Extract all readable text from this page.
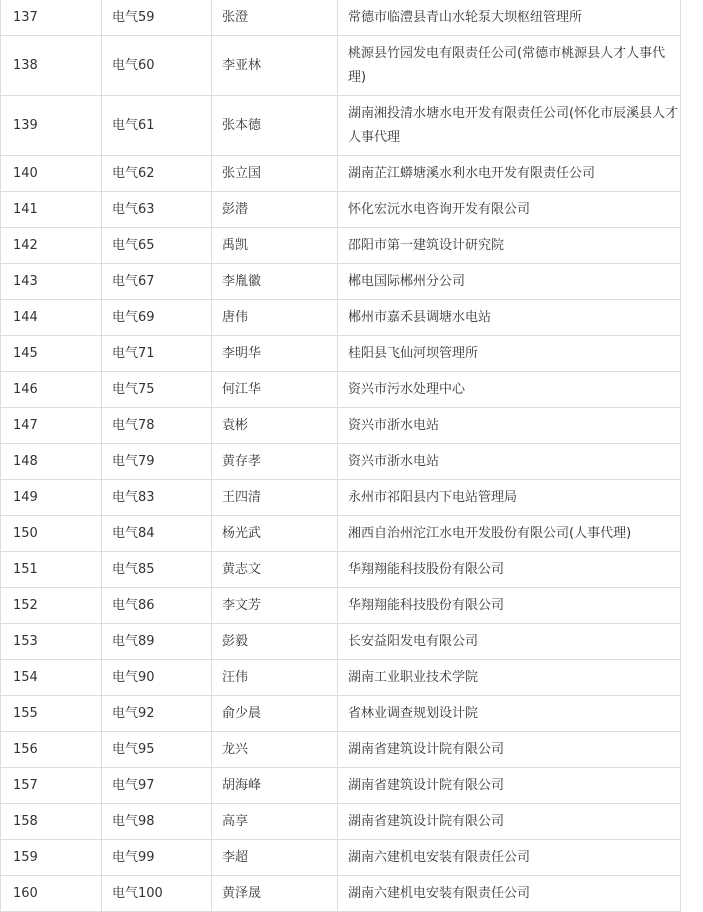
137	电气59	张澄	常德市临澧县青山水轮泵大坝枢纽管理所
138	电气60	李亚林	桃源县竹园发电有限责任公司(常德市桃源县人才人事代理)
139	电气61	张本德	湖南湘投清水塘水电开发有限责任公司(怀化市辰溪县人才人事代理
140	电气62	张立国	湖南芷江蟒塘溪水利水电开发有限责任公司
141	电气63	彭潜	怀化宏沅水电咨询开发有限公司
142	电气65	禹凯	邵阳市第一建筑设计研究院
143	电气67	李胤徽	郴电国际郴州分公司
144	电气69	唐伟	郴州市嘉禾县调塘水电站
145	电气71	李明华	桂阳县飞仙河坝管理所
146	电气75	何江华	资兴市污水处理中心
147	电气78	袁彬	资兴市浙水电站
148	电气79	黄存孝	资兴市浙水电站
149	电气83	王四清	永州市祁阳县内下电站管理局
150	电气84	杨光武	湘西自治州沱江水电开发股份有限公司(人事代理)
151	电气85	黄志文	华翔翔能科技股份有限公司
152	电气86	李文芳	华翔翔能科技股份有限公司
153	电气89	彭毅	长安益阳发电有限公司
154	电气90	汪伟	湖南工业职业技术学院
155	电气92	俞少晨	省林业调查规划设计院
156	电气95	龙兴	湖南省建筑设计院有限公司
157	电气97	胡海峰	湖南省建筑设计院有限公司
158	电气98	高享	湖南省建筑设计院有限公司
159	电气99	李超	湖南六建机电安装有限责任公司
160	电气100	黄泽晟	湖南六建机电安装有限责任公司
